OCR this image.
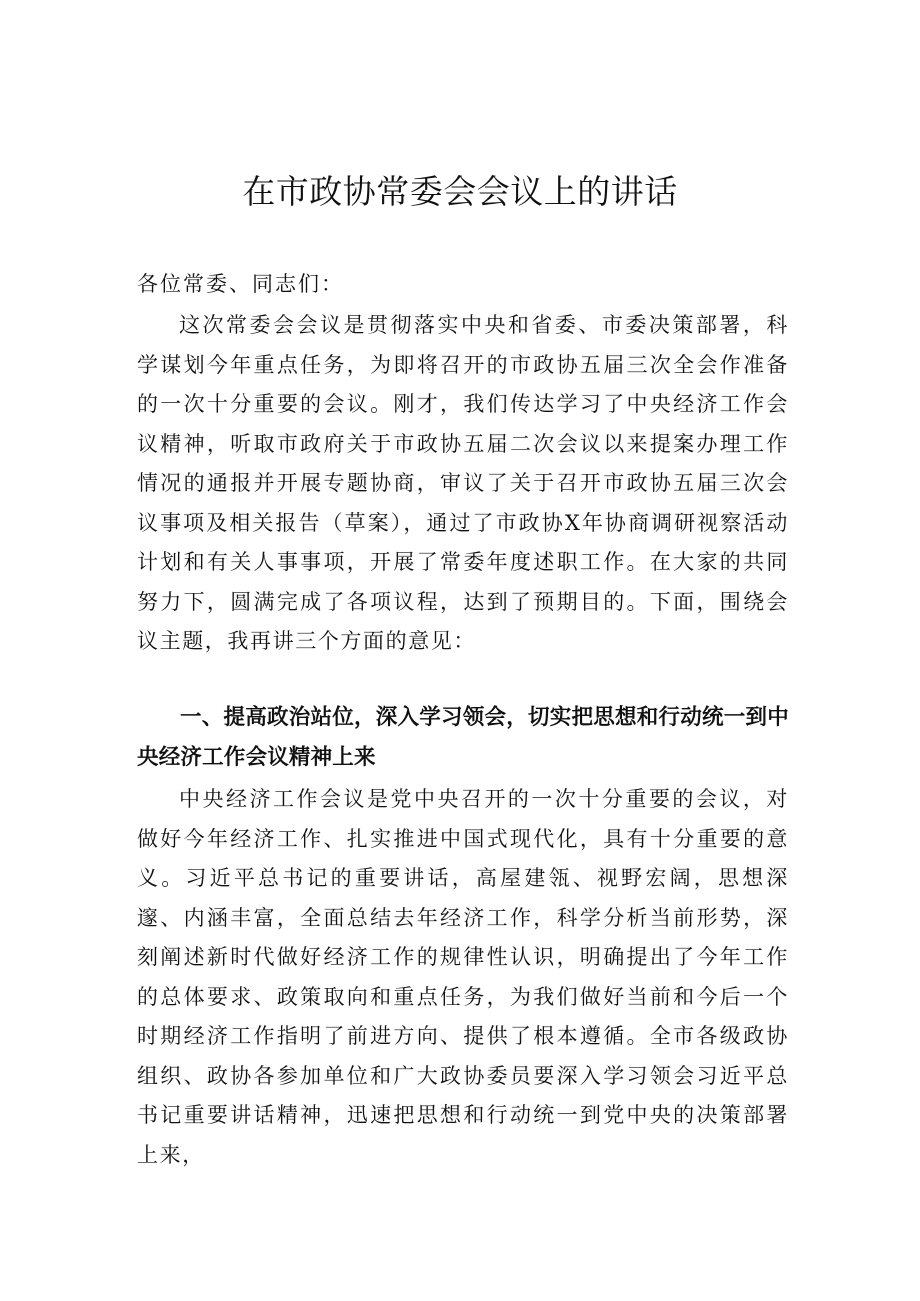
在市政协常委会会议上的讲话

各位常委、同志们：

这次常委会会议是贯彻落实中央和省委、市委决策部署，科学谋划今年重点任务，为即将召开的市政协五届三次全会作准备的一次十分重要的会议。刚才，我们传达学习了中央经济工作会议精神，听取市政府关于市政协五届二次会议以来提案办理工作情况的通报并开展专题协商，审议了关于召开市政协五届三次会议事项及相关报告（草案），通过了市政协X年协商调研视察活动计划和有关人事事项，开展了常委年度述职工作。在大家的共同努力下，圆满完成了各项议程，达到了预期目的。下面，围绕会议主题，我再讲三个方面的意见：

一、提高政治站位，深入学习领会，切实把思想和行动统一到中央经济工作会议精神上来

中央经济工作会议是党中央召开的一次十分重要的会议，对做好今年经济工作、扎实推进中国式现代化，具有十分重要的意义。习近平总书记的重要讲话，高屋建瓴、视野宏阔，思想深邃、内涵丰富，全面总结去年经济工作，科学分析当前形势，深刻阐述新时代做好经济工作的规律性认识，明确提出了今年工作的总体要求、政策取向和重点任务，为我们做好当前和今后一个时期经济工作指明了前进方向、提供了根本遵循。全市各级政协组织、政协各参加单位和广大政协委员要深入学习领会习近平总书记重要讲话精神，迅速把思想和行动统一到党中央的决策部署上来，
